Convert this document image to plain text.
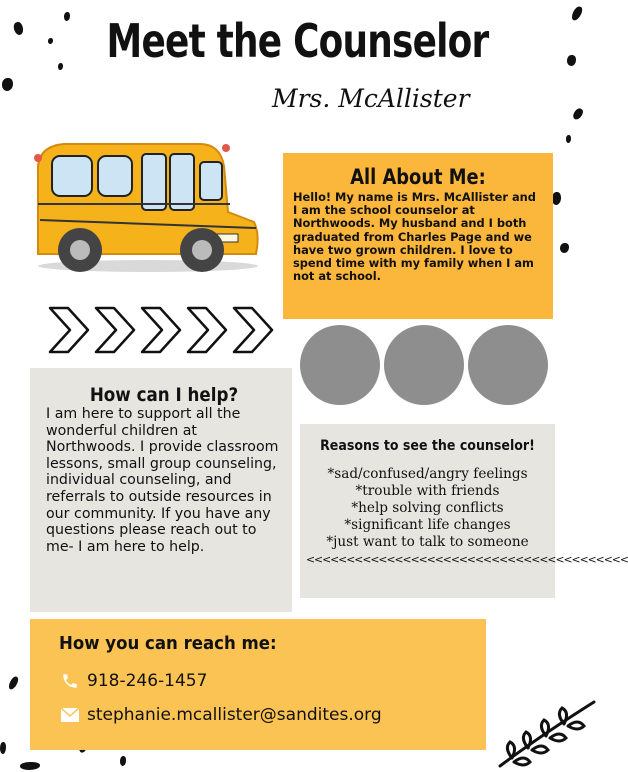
Meet the Counselor
Mrs. McAllister
All About Me:

Hello! My name is Mrs. McAllister and I am the school counselor at Northwoods. My husband and I both graduated from Charles Page and we have two grown children. I love to spend time with my family when I am not at school.

How can I help?

I am here to support all the wonderful children at Northwoods. I provide classroom lessons, small group counseling, individual counseling, and referrals to outside resources in our community. If you have any questions please reach out to me- I am here to help.

Reasons to see the counselor!
*sad/confused/angry feelings
*trouble with friends
*help solving conflicts
*significant life changes
*just want to talk to someone
<<<<<<<<<<<<<<<<<<<<<<<<<<<<<<<<<<<<<<<<
How you can reach me:
918-246-1457
stephanie.mcallister@sandites.org
